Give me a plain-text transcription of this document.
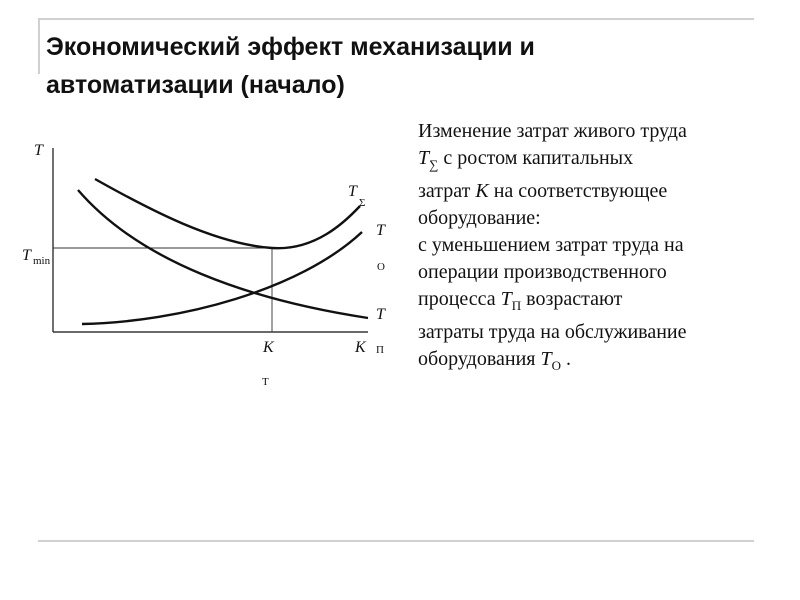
Экономический эффект механизации и
автоматизации (начало)
T
T min
T
Σ
T
О
T
П
K
T
K

Изменение затрат живого труда
$T_\sum$ с ростом капитальных
затрат K на соответствующее
оборудование:

с уменьшением затрат труда на
операции производственного
процесса $T_П$ возрастают
затраты труда на обслуживание
оборудования $T_О$ .
